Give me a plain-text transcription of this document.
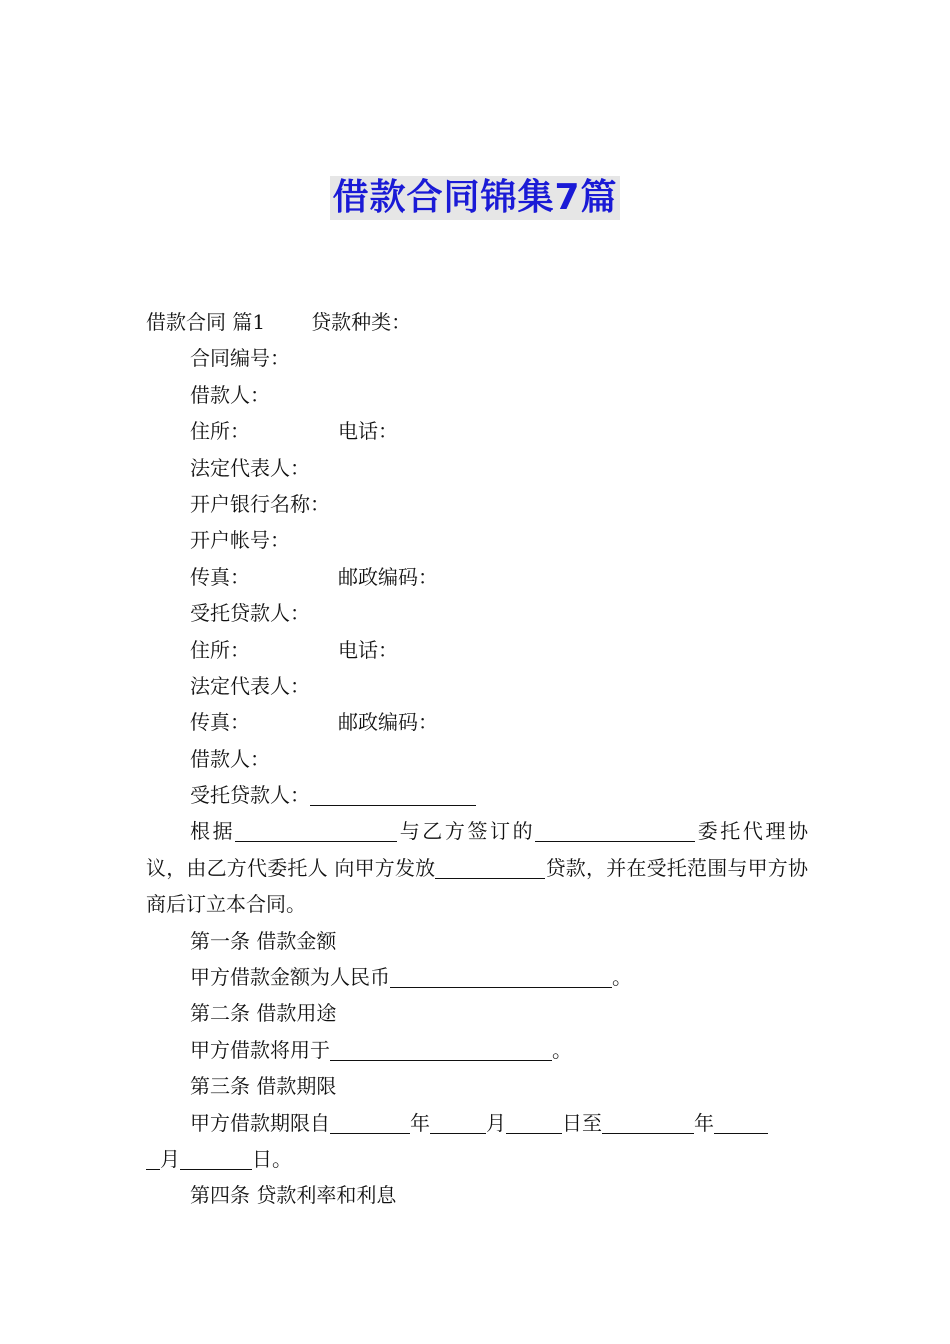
借款合同锦集7篇
借款合同 篇1 贷款种类：
合同编号：
借款人：
住所：	电话：
法定代表人：
开户银行名称：
开户帐号：
传真：	邮政编码：
受托贷款人：
住所：	电话：
法定代表人：
传真：	邮政编码：
借款人：
受托贷款人：
根据	与乙方签订的	委托代理协议，由乙方代委托人 向甲方发放	贷款，并在受托范围与甲方协商后订立本合同。
第一条 借款金额
甲方借款金额为人民币	。
第二条 借款用途
甲方借款将用于	。
第三条 借款期限
甲方借款期限自	年	月	日至	年
月	日。
第四条 贷款利率和利息
